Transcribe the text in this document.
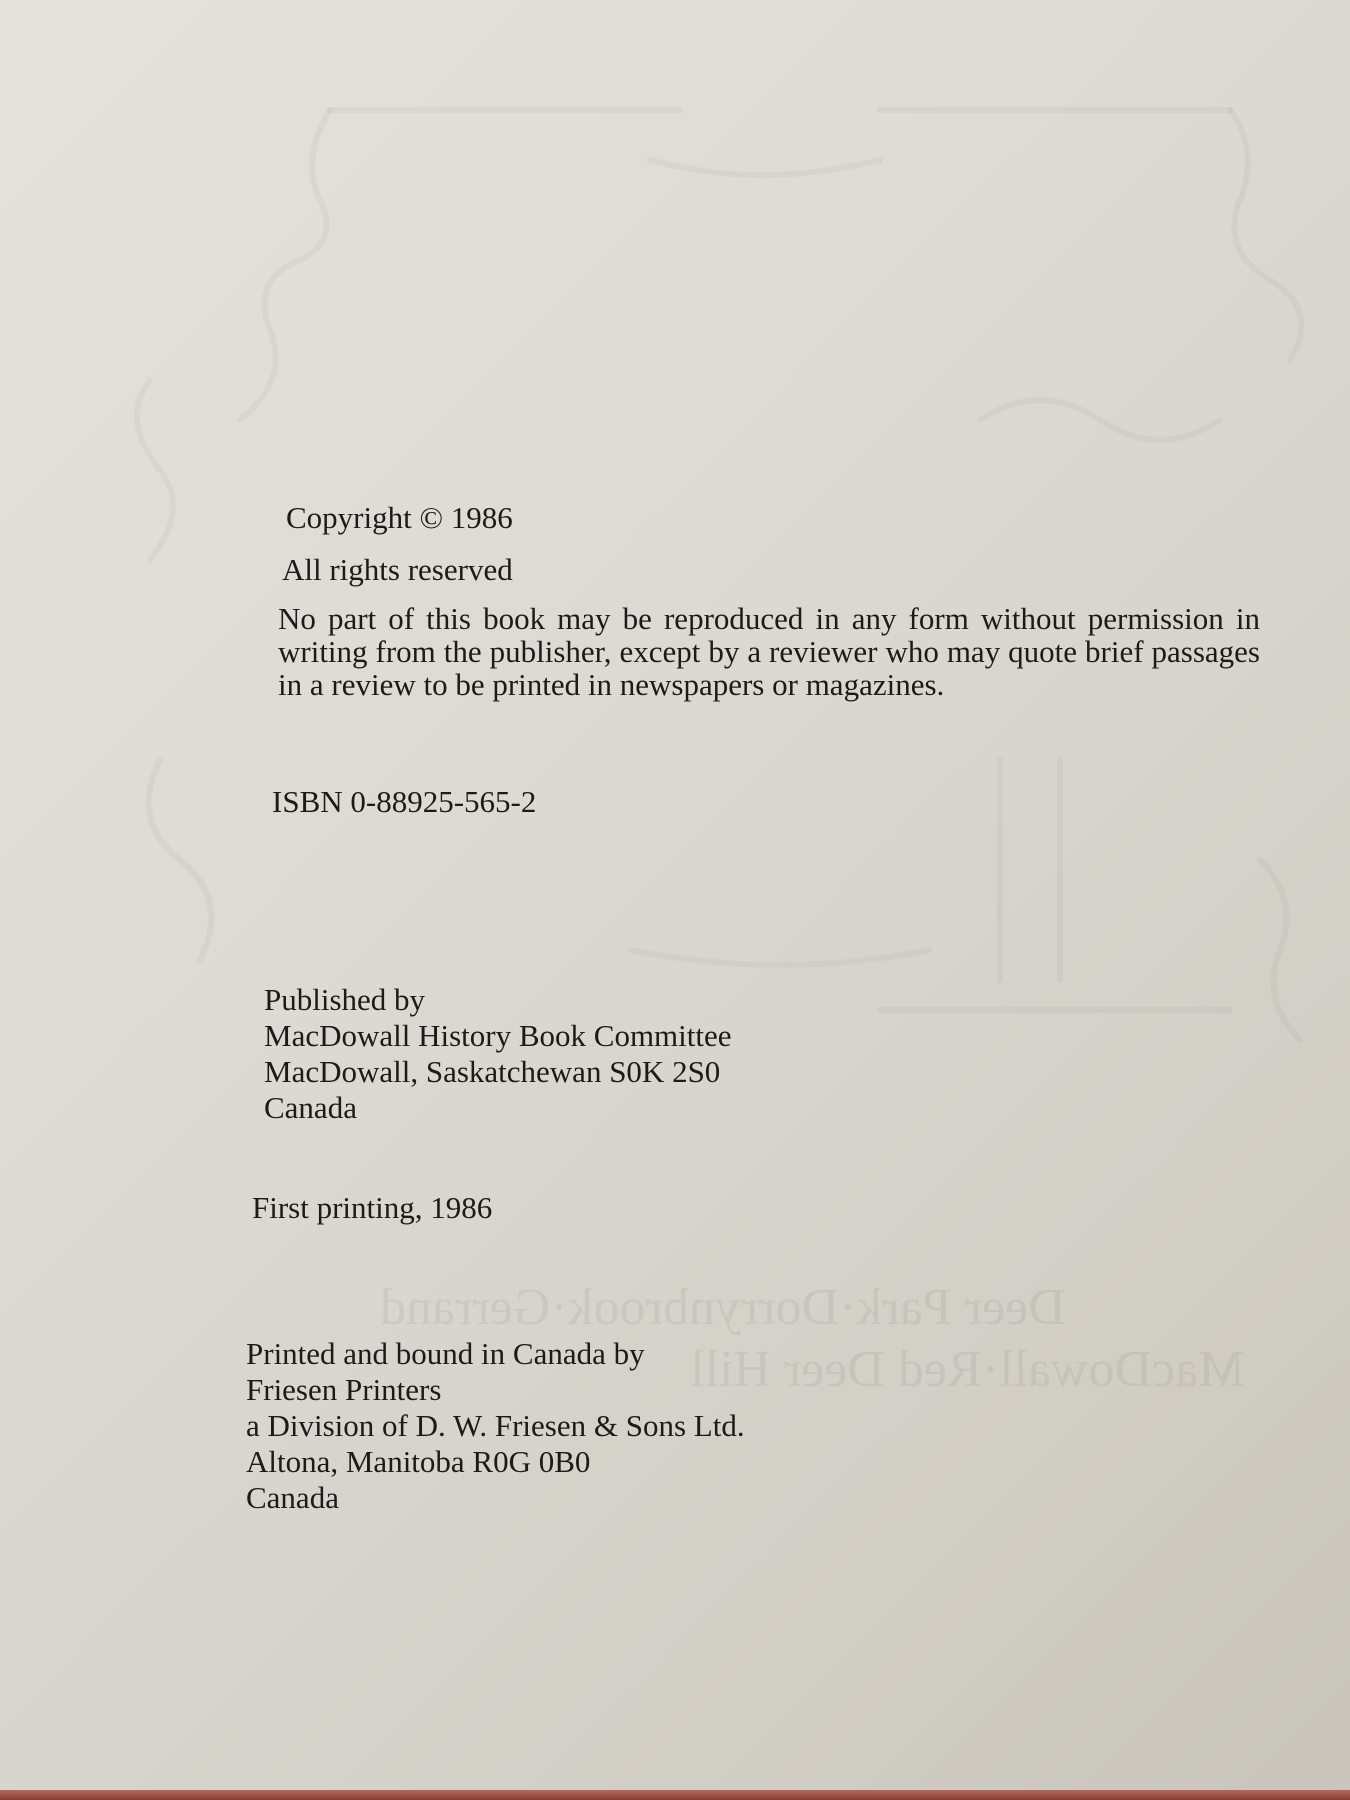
Deer Park·Dorrynbrook·Gerrand
MacDowall·Red Deer Hill
Copyright © 1986
All rights reserved
No part of this book may be reproduced in any form without permission in writing from the publisher, except by a reviewer who may quote brief passages in a review to be printed in newspapers or magazines.
ISBN 0-88925-565-2
Published by
MacDowall History Book Committee
MacDowall, Saskatchewan S0K 2S0
Canada
First printing, 1986
Printed and bound in Canada by
Friesen Printers
a Division of D. W. Friesen & Sons Ltd.
Altona, Manitoba R0G 0B0
Canada
